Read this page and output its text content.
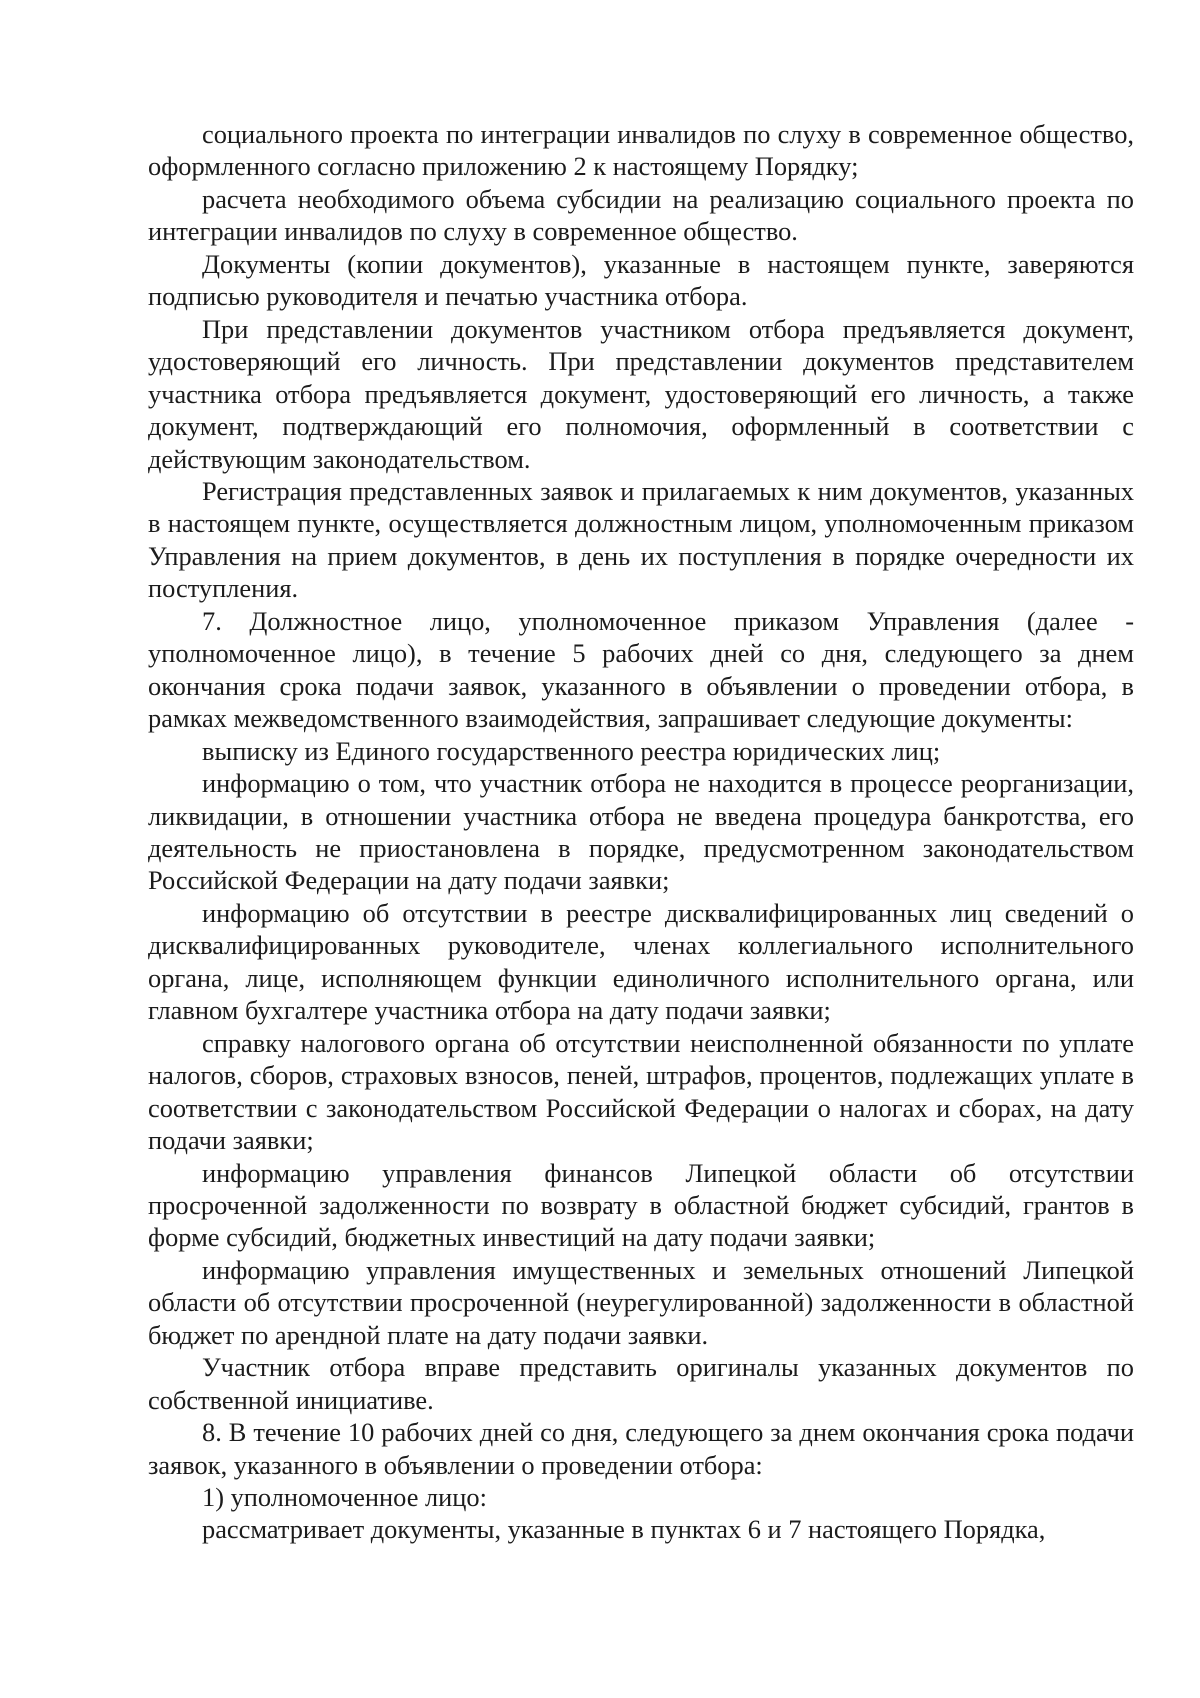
социального проекта по интеграции инвалидов по слуху в современное общество, оформленного согласно приложению 2 к настоящему Порядку;

расчета необходимого объема субсидии на реализацию социального проекта по интеграции инвалидов по слуху в современное общество.

Документы (копии документов), указанные в настоящем пункте, заверяются подписью руководителя и печатью участника отбора.

При представлении документов участником отбора предъявляется документ, удостоверяющий его личность. При представлении документов представителем участника отбора предъявляется документ, удостоверяющий его личность, а также документ, подтверждающий его полномочия, оформленный в соответствии с действующим законодательством.

Регистрация представленных заявок и прилагаемых к ним документов, указанных в настоящем пункте, осуществляется должностным лицом, уполномоченным приказом Управления на прием документов, в день их поступления в порядке очередности их поступления.

7. Должностное лицо, уполномоченное приказом Управления (далее - уполномоченное лицо), в течение 5 рабочих дней со дня, следующего за днем окончания срока подачи заявок, указанного в объявлении о проведении отбора, в рамках межведомственного взаимодействия, запрашивает следующие документы:

выписку из Единого государственного реестра юридических лиц;

информацию о том, что участник отбора не находится в процессе реорганизации, ликвидации, в отношении участника отбора не введена процедура банкротства, его деятельность не приостановлена в порядке, предусмотренном законодательством Российской Федерации на дату подачи заявки;

информацию об отсутствии в реестре дисквалифицированных лиц сведений о дисквалифицированных руководителе, членах коллегиального исполнительного органа, лице, исполняющем функции единоличного исполнительного органа, или главном бухгалтере участника отбора на дату подачи заявки;

справку налогового органа об отсутствии неисполненной обязанности по уплате налогов, сборов, страховых взносов, пеней, штрафов, процентов, подлежащих уплате в соответствии с законодательством Российской Федерации о налогах и сборах, на дату подачи заявки;

информацию управления финансов Липецкой области об отсутствии просроченной задолженности по возврату в областной бюджет субсидий, грантов в форме субсидий, бюджетных инвестиций на дату подачи заявки;

информацию управления имущественных и земельных отношений Липецкой области об отсутствии просроченной (неурегулированной) задолженности в областной бюджет по арендной плате на дату подачи заявки.

Участник отбора вправе представить оригиналы указанных документов по собственной инициативе.

8. В течение 10 рабочих дней со дня, следующего за днем окончания срока подачи заявок, указанного в объявлении о проведении отбора:

1) уполномоченное лицо:

рассматривает документы, указанные в пунктах 6 и 7 настоящего Порядка,
